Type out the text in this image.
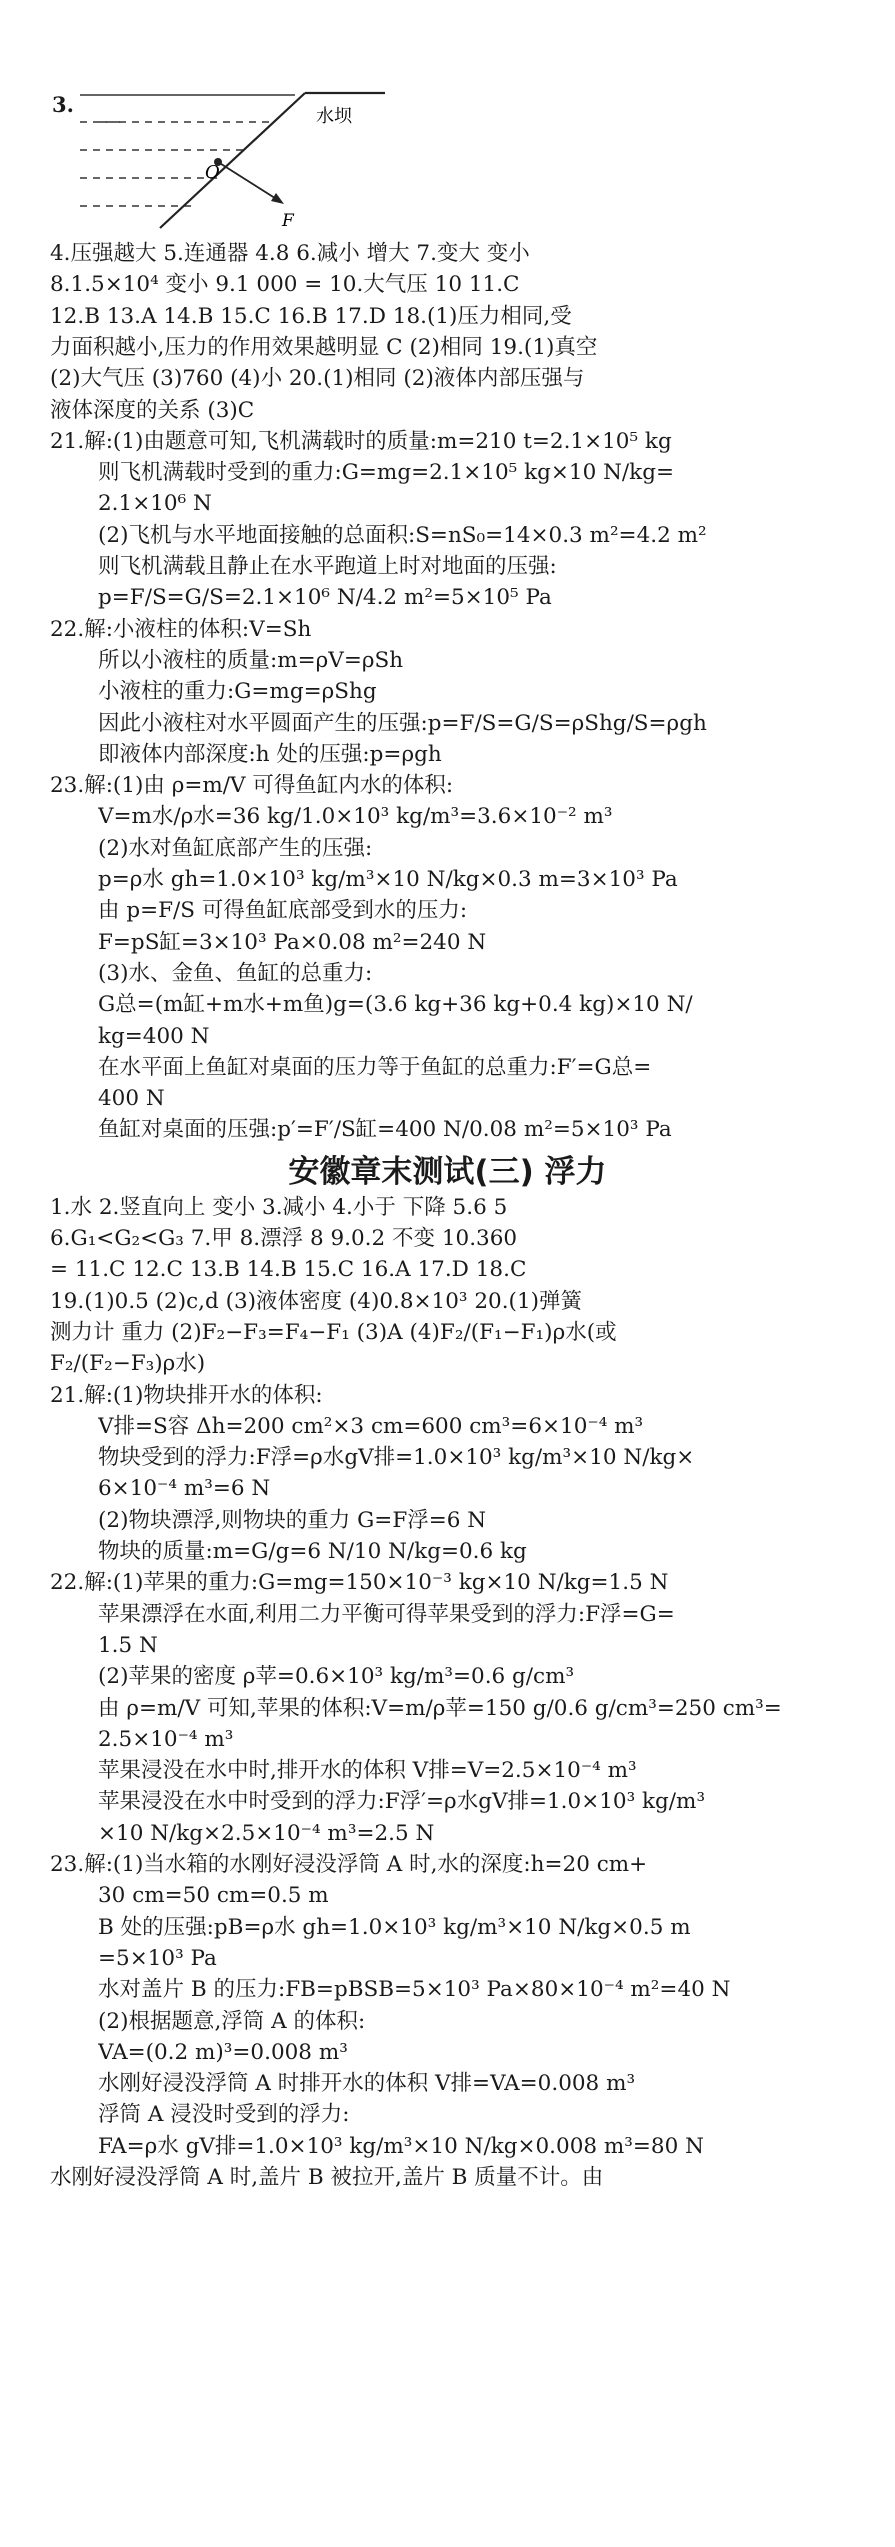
3.	水坝
O
F
4.压强越大 5.连通器 4.8 6.减小 增大 7.变大 变小
8.1.5×10⁴ 变小 9.1 000 = 10.大气压 10 11.C
12.B 13.A 14.B 15.C 16.B 17.D 18.(1)压力相同,受
力面积越小,压力的作用效果越明显 C (2)相同 19.(1)真空
(2)大气压 (3)760 (4)小 20.(1)相同 (2)液体内部压强与
液体深度的关系 (3)C
21.解:(1)由题意可知,飞机满载时的质量:m=210 t=2.1×10⁵ kg
则飞机满载时受到的重力:G=mg=2.1×10⁵ kg×10 N/kg=
2.1×10⁶ N
(2)飞机与水平地面接触的总面积:S=nS₀=14×0.3 m²=4.2 m²
则飞机满载且静止在水平跑道上时对地面的压强:
p=F/S=G/S=2.1×10⁶ N/4.2 m²=5×10⁵ Pa
22.解:小液柱的体积:V=Sh
所以小液柱的质量:m=ρV=ρSh
小液柱的重力:G=mg=ρShg
因此小液柱对水平圆面产生的压强:p=F/S=G/S=ρShg/S=ρgh
即液体内部深度:h 处的压强:p=ρgh
23.解:(1)由 ρ=m/V 可得鱼缸内水的体积:
V=m水/ρ水=36 kg/1.0×10³ kg/m³=3.6×10⁻² m³
(2)水对鱼缸底部产生的压强:
p=ρ水 gh=1.0×10³ kg/m³×10 N/kg×0.3 m=3×10³ Pa
由 p=F/S 可得鱼缸底部受到水的压力:
F=pS缸=3×10³ Pa×0.08 m²=240 N
(3)水、金鱼、鱼缸的总重力:
G总=(m缸+m水+m鱼)g=(3.6 kg+36 kg+0.4 kg)×10 N/
kg=400 N
在水平面上鱼缸对桌面的压力等于鱼缸的总重力:F′=G总=
400 N
鱼缸对桌面的压强:p′=F′/S缸=400 N/0.08 m²=5×10³ Pa
安徽章末测试(三) 浮力
1.水 2.竖直向上 变小 3.减小 4.小于 下降 5.6 5
6.G₁<G₂<G₃ 7.甲 8.漂浮 8 9.0.2 不变 10.360
= 11.C 12.C 13.B 14.B 15.C 16.A 17.D 18.C
19.(1)0.5 (2)c,d (3)液体密度 (4)0.8×10³ 20.(1)弹簧
测力计 重力 (2)F₂−F₃=F₄−F₁ (3)A (4)F₂/(F₁−F₁)ρ水(或
F₂/(F₂−F₃)ρ水)
21.解:(1)物块排开水的体积:
V排=S容 Δh=200 cm²×3 cm=600 cm³=6×10⁻⁴ m³
物块受到的浮力:F浮=ρ水gV排=1.0×10³ kg/m³×10 N/kg×
6×10⁻⁴ m³=6 N
(2)物块漂浮,则物块的重力 G=F浮=6 N
物块的质量:m=G/g=6 N/10 N/kg=0.6 kg
22.解:(1)苹果的重力:G=mg=150×10⁻³ kg×10 N/kg=1.5 N
苹果漂浮在水面,利用二力平衡可得苹果受到的浮力:F浮=G=
1.5 N
(2)苹果的密度 ρ苹=0.6×10³ kg/m³=0.6 g/cm³
由 ρ=m/V 可知,苹果的体积:V=m/ρ苹=150 g/0.6 g/cm³=250 cm³=
2.5×10⁻⁴ m³
苹果浸没在水中时,排开水的体积 V排=V=2.5×10⁻⁴ m³
苹果浸没在水中时受到的浮力:F浮′=ρ水gV排=1.0×10³ kg/m³
×10 N/kg×2.5×10⁻⁴ m³=2.5 N
23.解:(1)当水箱的水刚好浸没浮筒 A 时,水的深度:h=20 cm+
30 cm=50 cm=0.5 m
B 处的压强:pB=ρ水 gh=1.0×10³ kg/m³×10 N/kg×0.5 m
=5×10³ Pa
水对盖片 B 的压力:FB=pBSB=5×10³ Pa×80×10⁻⁴ m²=40 N
(2)根据题意,浮筒 A 的体积:
VA=(0.2 m)³=0.008 m³
水刚好浸没浮筒 A 时排开水的体积 V排=VA=0.008 m³
浮筒 A 浸没时受到的浮力:
FA=ρ水 gV排=1.0×10³ kg/m³×10 N/kg×0.008 m³=80 N
水刚好浸没浮筒 A 时,盖片 B 被拉开,盖片 B 质量不计。由
